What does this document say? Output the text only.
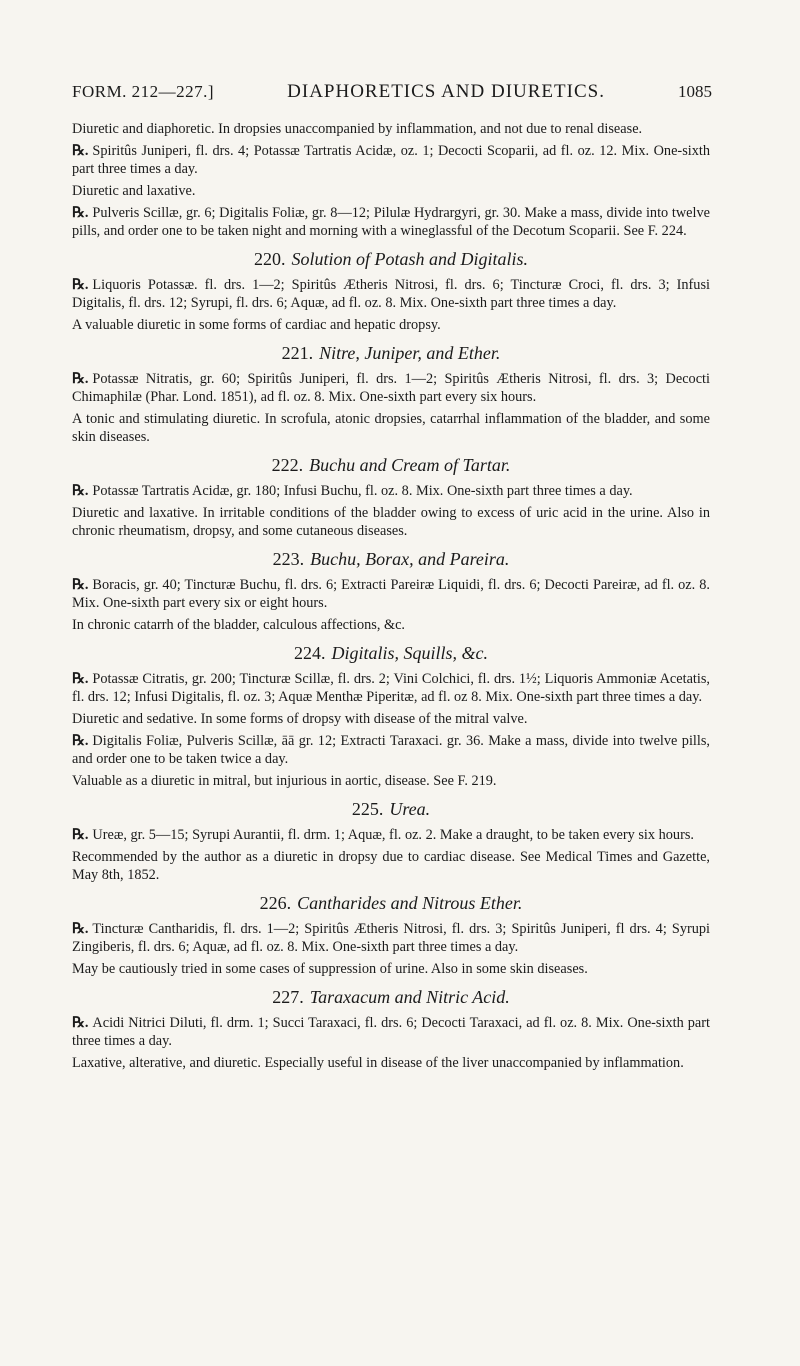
FORM. 212—227.]	DIAPHORETICS AND DIURETICS.	1085

Diuretic and diaphoretic. In dropsies unaccompanied by inflammation, and not due to renal disease.

℞. Spiritûs Juniperi, fl. drs. 4; Potassæ Tartratis Acidæ, oz. 1; Decocti Scoparii, ad fl. oz. 12. Mix. One-sixth part three times a day.

Diuretic and laxative.

℞. Pulveris Scillæ, gr. 6; Digitalis Foliæ, gr. 8—12; Pilulæ Hydrargyri, gr. 30. Make a mass, divide into twelve pills, and order one to be taken night and morning with a wineglassful of the Decotum Scoparii. See F. 224.

220. Solution of Potash and Digitalis.

℞. Liquoris Potassæ. fl. drs. 1—2; Spiritûs Ætheris Nitrosi, fl. drs. 6; Tincturæ Croci, fl. drs. 3; Infusi Digitalis, fl. drs. 12; Syrupi, fl. drs. 6; Aquæ, ad fl. oz. 8. Mix. One-sixth part three times a day.

A valuable diuretic in some forms of cardiac and hepatic dropsy.

221. Nitre, Juniper, and Ether.

℞. Potassæ Nitratis, gr. 60; Spiritûs Juniperi, fl. drs. 1—2; Spiritûs Ætheris Nitrosi, fl. drs. 3; Decocti Chimaphilæ (Phar. Lond. 1851), ad fl. oz. 8. Mix. One-sixth part every six hours.

A tonic and stimulating diuretic. In scrofula, atonic dropsies, catarrhal inflammation of the bladder, and some skin diseases.

222. Buchu and Cream of Tartar.

℞. Potassæ Tartratis Acidæ, gr. 180; Infusi Buchu, fl. oz. 8. Mix. One-sixth part three times a day.

Diuretic and laxative. In irritable conditions of the bladder owing to excess of uric acid in the urine. Also in chronic rheumatism, dropsy, and some cutaneous diseases.

223. Buchu, Borax, and Pareira.

℞. Boracis, gr. 40; Tincturæ Buchu, fl. drs. 6; Extracti Pareiræ Liquidi, fl. drs. 6; Decocti Pareiræ, ad fl. oz. 8. Mix. One-sixth part every six or eight hours.

In chronic catarrh of the bladder, calculous affections, &c.

224. Digitalis, Squills, &c.

℞. Potassæ Citratis, gr. 200; Tincturæ Scillæ, fl. drs. 2; Vini Colchici, fl. drs. 1½; Liquoris Ammoniæ Acetatis, fl. drs. 12; Infusi Digitalis, fl. oz. 3; Aquæ Menthæ Piperitæ, ad fl. oz 8. Mix. One-sixth part three times a day.

Diuretic and sedative. In some forms of dropsy with disease of the mitral valve.

℞. Digitalis Foliæ, Pulveris Scillæ, āā gr. 12; Extracti Taraxaci. gr. 36. Make a mass, divide into twelve pills, and order one to be taken twice a day.

Valuable as a diuretic in mitral, but injurious in aortic, disease. See F. 219.

225. Urea.

℞. Ureæ, gr. 5—15; Syrupi Aurantii, fl. drm. 1; Aquæ, fl. oz. 2. Make a draught, to be taken every six hours.

Recommended by the author as a diuretic in dropsy due to cardiac disease. See Medical Times and Gazette, May 8th, 1852.

226. Cantharides and Nitrous Ether.

℞. Tincturæ Cantharidis, fl. drs. 1—2; Spiritûs Ætheris Nitrosi, fl. drs. 3; Spiritûs Juniperi, fl drs. 4; Syrupi Zingiberis, fl. drs. 6; Aquæ, ad fl. oz. 8. Mix. One-sixth part three times a day.

May be cautiously tried in some cases of suppression of urine. Also in some skin diseases.

227. Taraxacum and Nitric Acid.

℞. Acidi Nitrici Diluti, fl. drm. 1; Succi Taraxaci, fl. drs. 6; Decocti Taraxaci, ad fl. oz. 8. Mix. One-sixth part three times a day.

Laxative, alterative, and diuretic. Especially useful in disease of the liver unaccompanied by inflammation.
